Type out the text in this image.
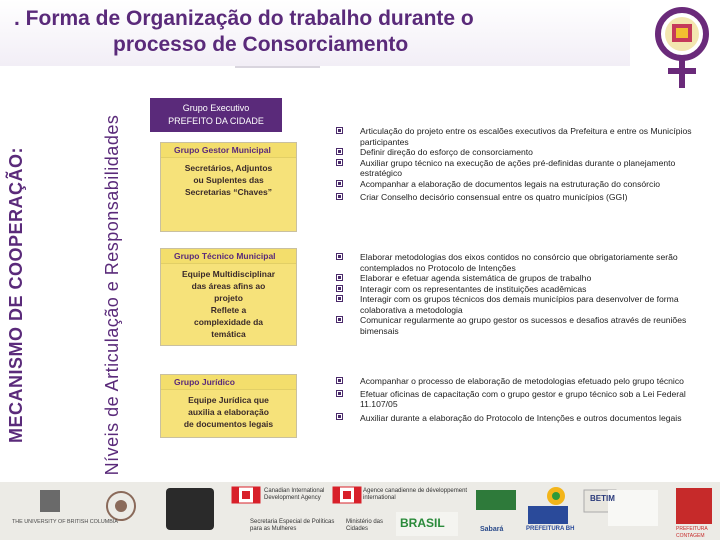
. Forma de Organização do trabalho durante o
processo de Consorciamento
MECANISMO DE COOPERAÇÃO:	Níveis de Articulação e Responsabilidades
Grupo Executivo
PREFEITO DA CIDADE
Grupo Gestor Municipal
Secretários, Adjuntos
ou Suplentes das
Secretarias “Chaves”
Grupo Técnico Municipal
Equipe Multidisciplinar
das áreas afins ao
projeto
Reflete a
complexidade da
temática
Grupo Jurídico
Equipe Jurídica que
auxilia a elaboração
de documentos legais

Articulação do projeto entre os escalões executivos da Prefeitura e entre os Municípios participantes

Definir direção do esforço de consorciamento

Auxiliar grupo técnico na execução de ações pré-definidas durante o planejamento estratégico

Acompanhar a elaboração de documentos legais na estruturação do consórcio

Criar Conselho decisório consensual entre os quatro municípios (GGI)

Elaborar metodologias dos eixos contidos no consórcio que obrigatoriamente serão contemplados no Protocolo de Intenções

Elaborar e efetuar agenda sistemática de grupos de trabalho

Interagir com os representantes de instituições acadêmicas

Interagir com os grupos técnicos dos demais municípios para desenvolver de forma colaborativa a metodologia

Comunicar regularmente ao grupo gestor os sucessos e desafios através de reuniões bimensais

Acompanhar o processo de elaboração de metodologias efetuado pelo grupo técnico

Efetuar oficinas de capacitação com o grupo gestor e grupo técnico sob a Lei Federal 11.107/05

Auxiliar durante a elaboração do Protocolo de Intenções e outros documentos legais

THE UNIVERSITY OF BRITISH COLUMBIA
Canadian International Development Agency
Agence canadienne de développement international
Secretaria Especial de Políticas para as Mulheres
Ministério das Cidades	BRASIL	Sabará
BETIM
PREFEITURA BH	PREFEITURA CONTAGEM
